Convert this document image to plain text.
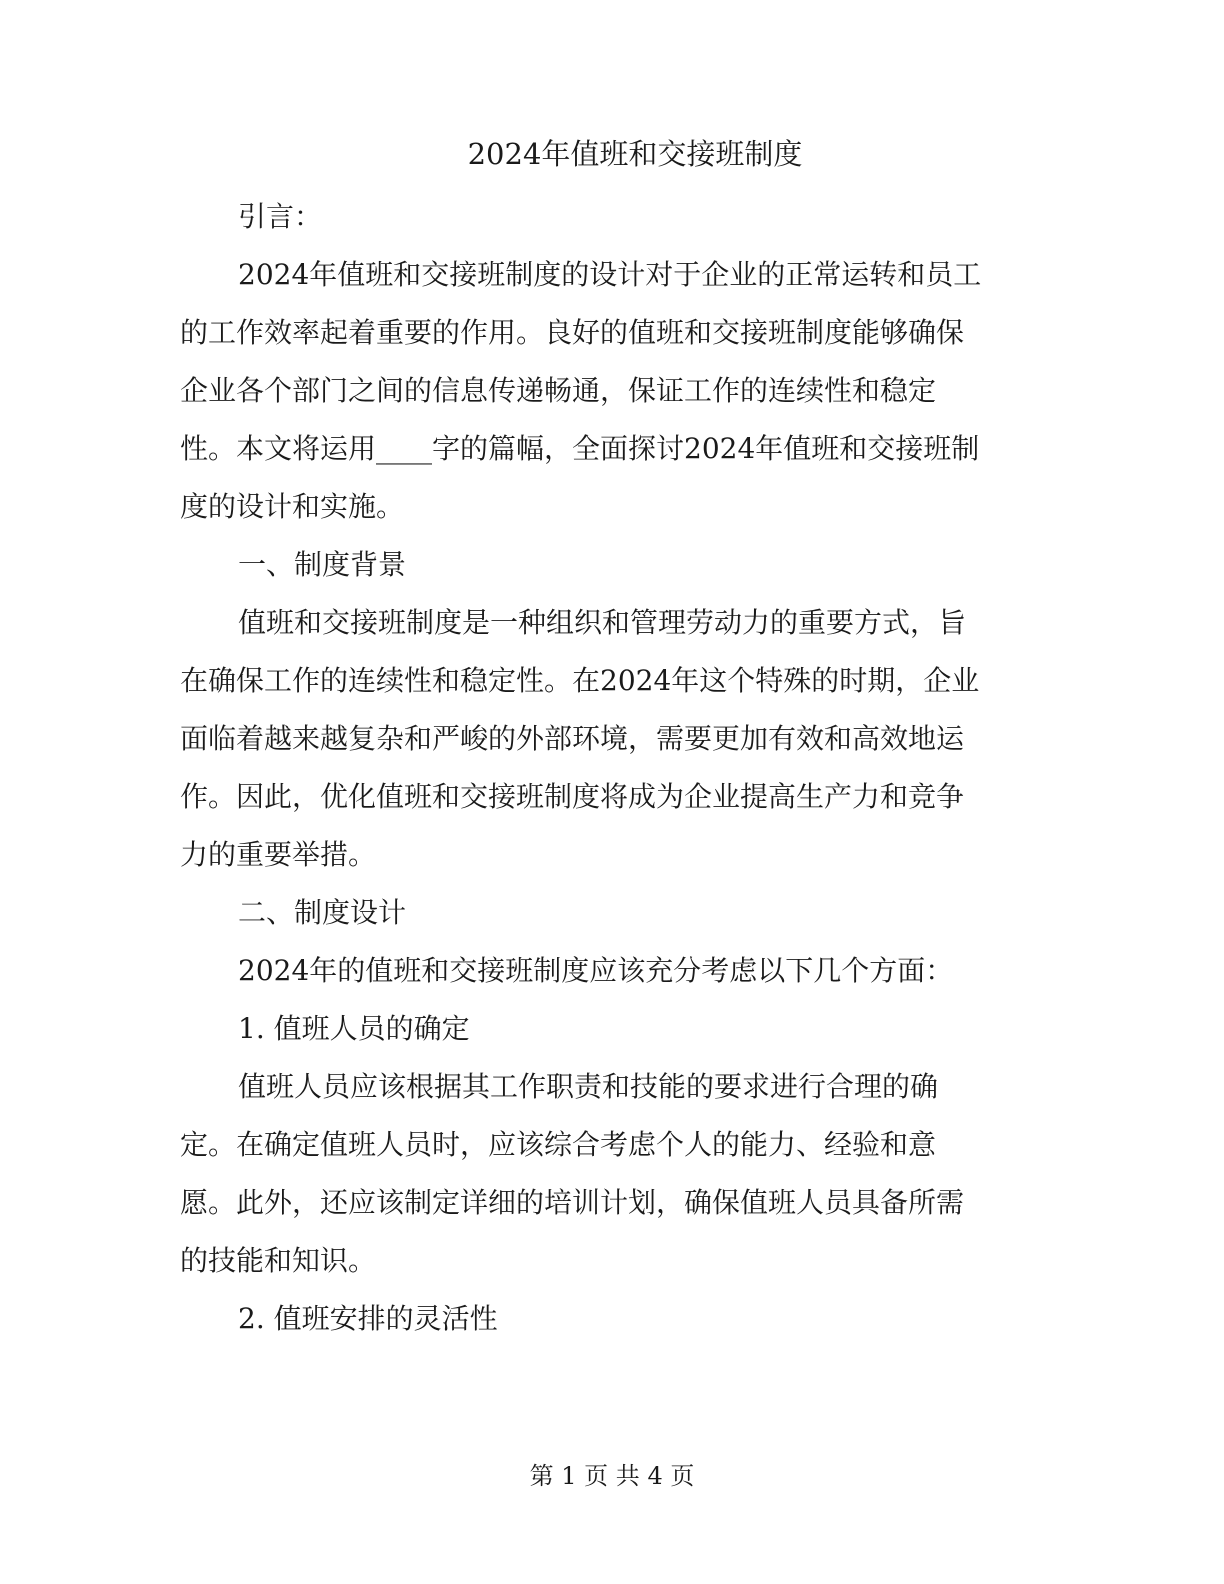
2024年值班和交接班制度

引言：

2024年值班和交接班制度的设计对于企业的正常运转和员工
的工作效率起着重要的作用。良好的值班和交接班制度能够确保
企业各个部门之间的信息传递畅通，保证工作的连续性和稳定
性。本文将运用____字的篇幅，全面探讨2024年值班和交接班制
度的设计和实施。

一、制度背景

值班和交接班制度是一种组织和管理劳动力的重要方式，旨
在确保工作的连续性和稳定性。在2024年这个特殊的时期，企业
面临着越来越复杂和严峻的外部环境，需要更加有效和高效地运
作。因此，优化值班和交接班制度将成为企业提高生产力和竞争
力的重要举措。

二、制度设计

2024年的值班和交接班制度应该充分考虑以下几个方面：

1. 值班人员的确定

值班人员应该根据其工作职责和技能的要求进行合理的确
定。在确定值班人员时，应该综合考虑个人的能力、经验和意
愿。此外，还应该制定详细的培训计划，确保值班人员具备所需
的技能和知识。

2. 值班安排的灵活性

第 1 页 共 4 页
